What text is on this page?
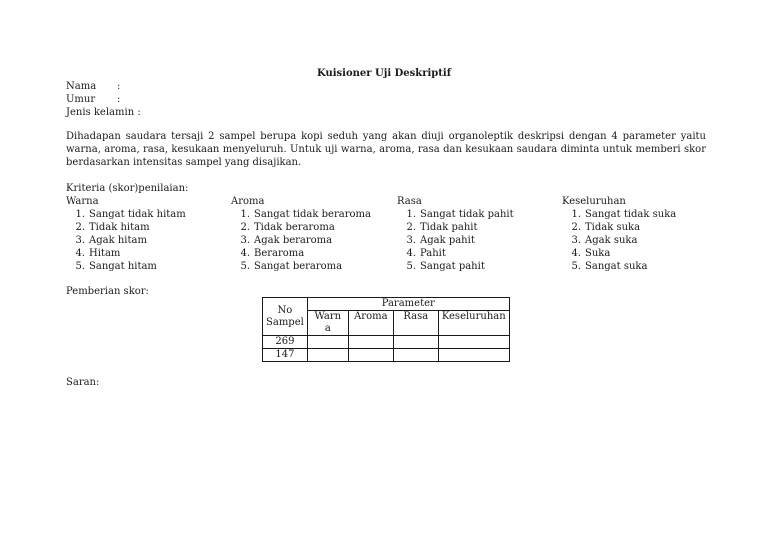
Kuisioner Uji Deskriptif
Nama :
Umur :
Jenis kelamin :
Dihadapan saudara tersaji 2 sampel berupa kopi seduh yang akan diuji organoleptik deskripsi dengan 4 parameter yaitu warna, aroma, rasa, kesukaan menyeluruh. Untuk uji warna, aroma, rasa dan kesukaan saudara diminta untuk memberi skor berdasarkan intensitas sampel yang disajikan.
Kriteria (skor)penilaian:
Warna
1. Sangat tidak hitam
2. Tidak hitam
3. Agak hitam
4. Hitam
5. Sangat hitam
Aroma
1. Sangat tidak beraroma
2. Tidak beraroma
3. Agak beraroma
4. Beraroma
5. Sangat beraroma
Rasa
1. Sangat tidak pahit
2. Tidak pahit
3. Agak pahit
4. Pahit
5. Sangat pahit
Keseluruhan
1. Sangat tidak suka
2. Tidak suka
3. Agak suka
4. Suka
5. Sangat suka
Pemberian skor:
No Sampel	Parameter			
	Warn a	Aroma	Rasa	Keseluruhan
269				
147				
Saran:
